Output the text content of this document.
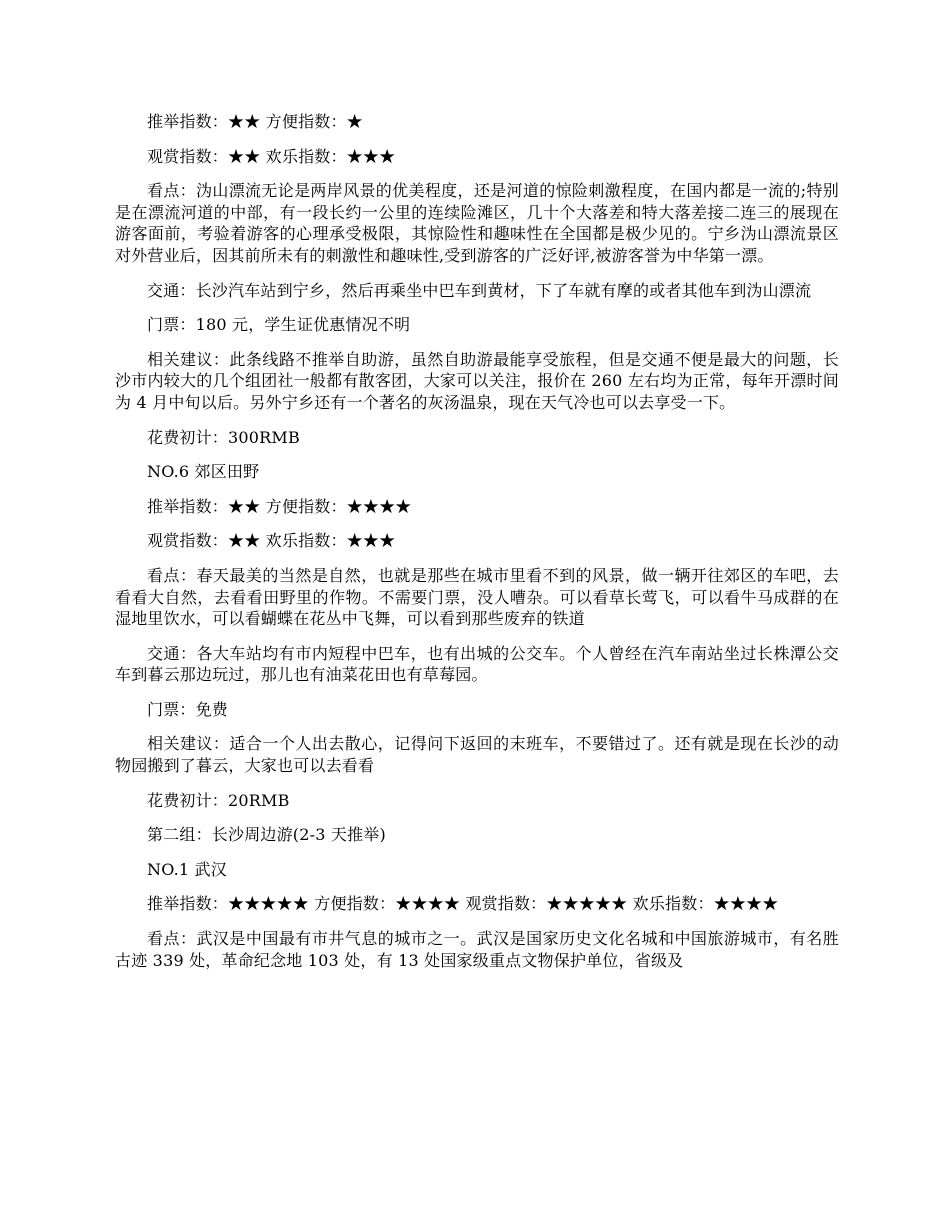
推举指数：★★ 方便指数：★

观赏指数：★★ 欢乐指数：★★★

看点：沩山漂流无论是两岸风景的优美程度，还是河道的惊险刺激程度，在国内都是一流的;特别是在漂流河道的中部，有一段长约一公里的连续险滩区，几十个大落差和特大落差接二连三的展现在游客面前，考验着游客的心理承受极限，其惊险性和趣味性在全国都是极少见的。宁乡沩山漂流景区对外营业后，因其前所未有的刺激性和趣味性,受到游客的广泛好评,被游客誉为中华第一漂。

交通：长沙汽车站到宁乡，然后再乘坐中巴车到黄材，下了车就有摩的或者其他车到沩山漂流

门票：180 元，学生证优惠情况不明

相关建议：此条线路不推举自助游，虽然自助游最能享受旅程，但是交通不便是最大的问题，长沙市内较大的几个组团社一般都有散客团，大家可以关注，报价在 260 左右均为正常，每年开漂时间为 4 月中旬以后。另外宁乡还有一个著名的灰汤温泉，现在天气冷也可以去享受一下。

花费初计：300RMB

NO.6 郊区田野

推举指数：★★ 方便指数：★★★★

观赏指数：★★ 欢乐指数：★★★

看点：春天最美的当然是自然，也就是那些在城市里看不到的风景，做一辆开往郊区的车吧，去看看大自然，去看看田野里的作物。不需要门票，没人嘈杂。可以看草长莺飞，可以看牛马成群的在湿地里饮水，可以看蝴蝶在花丛中飞舞，可以看到那些废弃的铁道

交通：各大车站均有市内短程中巴车，也有出城的公交车。个人曾经在汽车南站坐过长株潭公交车到暮云那边玩过，那儿也有油菜花田也有草莓园。

门票：免费

相关建议：适合一个人出去散心，记得问下返回的末班车，不要错过了。还有就是现在长沙的动物园搬到了暮云，大家也可以去看看

花费初计：20RMB

第二组：长沙周边游(2-3 天推举)

NO.1 武汉

推举指数：★★★★★ 方便指数：★★★★ 观赏指数：★★★★★ 欢乐指数：★★★★

看点：武汉是中国最有市井气息的城市之一。武汉是国家历史文化名城和中国旅游城市，有名胜古迹 339 处，革命纪念地 103 处，有 13 处国家级重点文物保护单位，省级及
